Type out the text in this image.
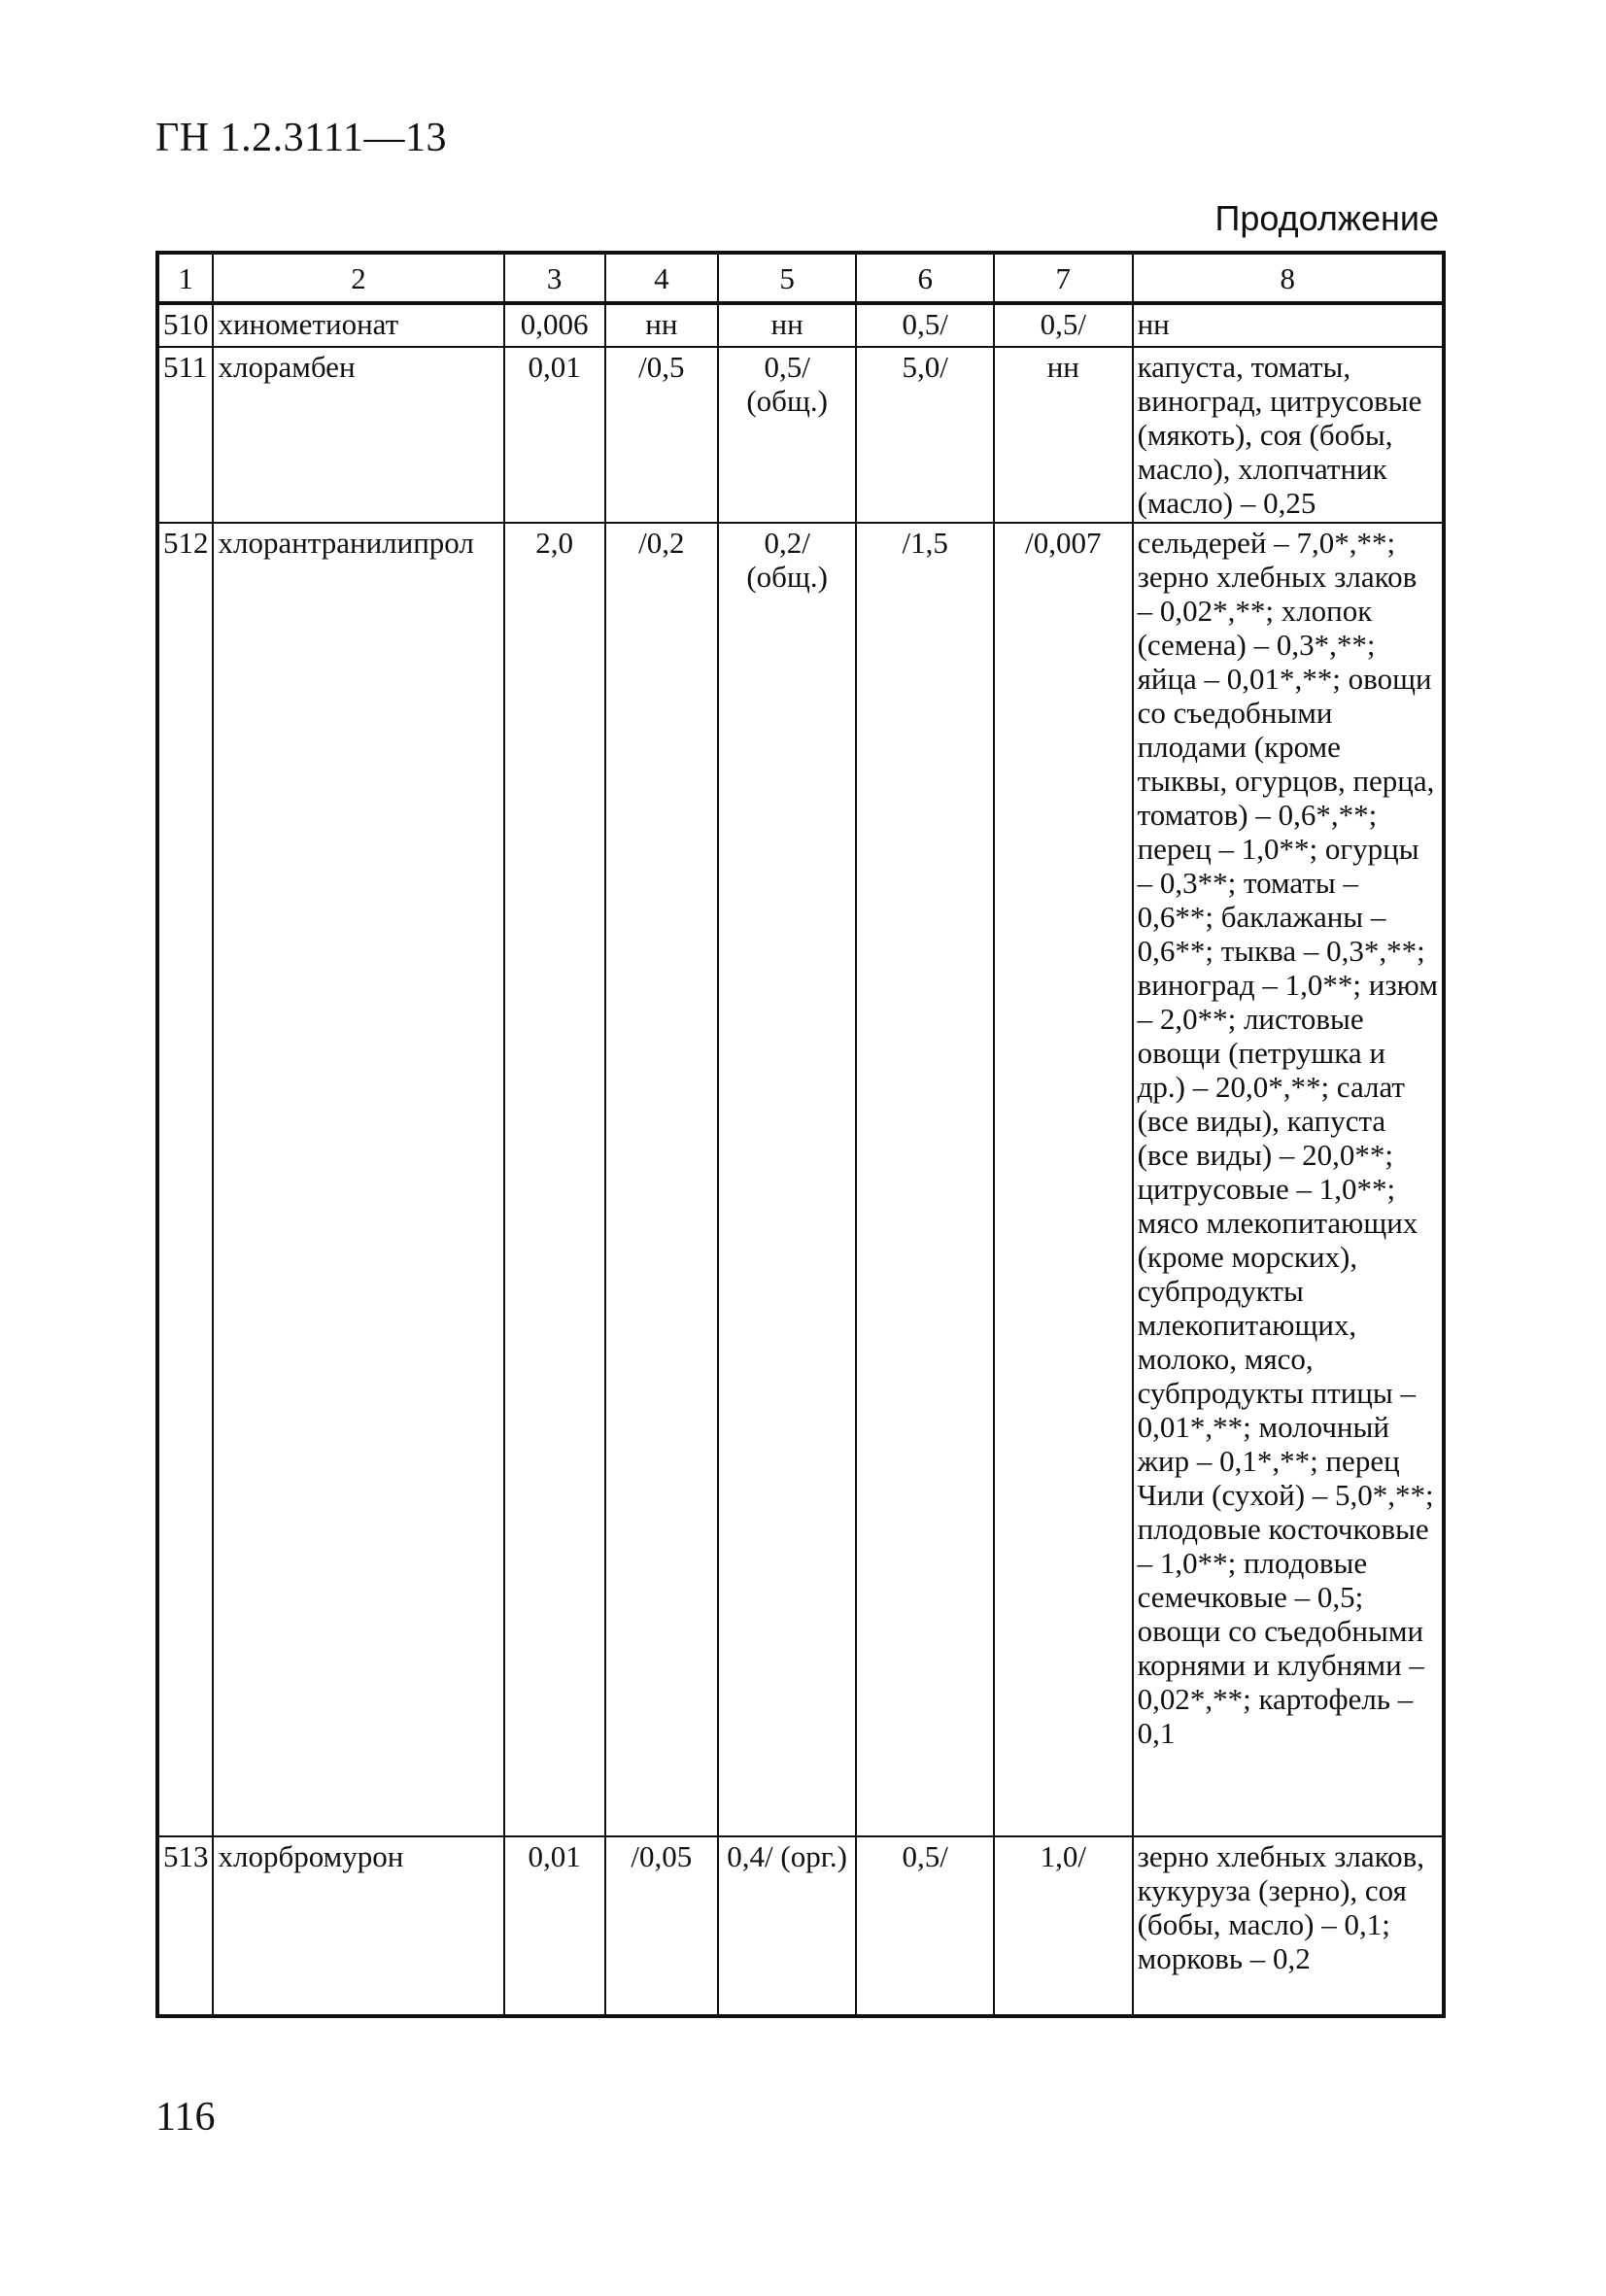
ГН 1.2.3111—13
Продолжение
1	2	3	4	5	6	7	8
510	хинометионат	0,006	нн	нн	0,5/	0,5/	нн
511	хлорамбен	0,01	/0,5	0,5/ (общ.)	5,0/	нн	капуста, томаты, виноград, цитрусовые (мякоть), соя (бобы, масло), хлопчатник (масло) – 0,25
512	хлорантранилипрол	2,0	/0,2	0,2/ (общ.)	/1,5	/0,007	сельдерей – 7,0*,**; зерно хлебных злаков – 0,02*,**; хлопок (семена) – 0,3*,**; яйца – 0,01*,**; овощи со съедобными плодами (кроме тыквы, огурцов, перца, томатов) – 0,6*,**; перец – 1,0**; огурцы – 0,3**; томаты – 0,6**; баклажаны – 0,6**; тыква – 0,3*,**; виноград – 1,0**; изюм – 2,0**; листовые овощи (петрушка и др.) – 20,0*,**; салат (все виды), капуста (все виды) – 20,0**; цитрусовые – 1,0**; мясо млекопитающих (кроме морских), субпродукты млекопитающих, молоко, мясо, субпродукты птицы – 0,01*,**; молочный жир – 0,1*,**; перец Чили (сухой) – 5,0*,**; плодовые косточковые – 1,0**; плодовые семечковые – 0,5; овощи со съедобными корнями и клубнями – 0,02*,**; картофель – 0,1
513	хлорбромурон	0,01	/0,05	0,4/ (орг.)	0,5/	1,0/	зерно хлебных злаков, кукуруза (зерно), соя (бобы, масло) – 0,1; морковь – 0,2
116
